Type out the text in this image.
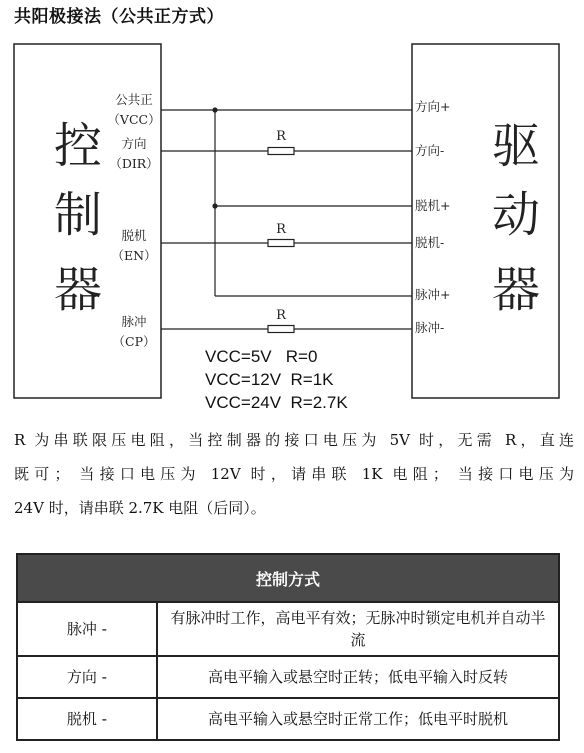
共阳极接法（公共正方式）
控
制
器
驱
动
器
公共正
（VCC）
方向
（DIR）
脱机
（EN）
脉冲
（CP）
方向+
方向-
脱机+
脱机-
脉冲+
脉冲-
R
R
R
VCC=5V   R=0
VCC=12V  R=1K
VCC=24V  R=2.7K
R 为串联限压电阻，当控制器的接口电压为 5V 时，无需 R，直连
既可； 当接口电压为 12V 时，请串联 1K 电阻； 当接口电压为
24V 时，请串联 2.7K 电阻（后同）。
控制方式	
脉冲 -	有脉冲时工作，高电平有效；无脉冲时锁定电机并自动半流
方向 -	高电平输入或悬空时正转；低电平输入时反转
脱机 -	高电平输入或悬空时正常工作；低电平时脱机
